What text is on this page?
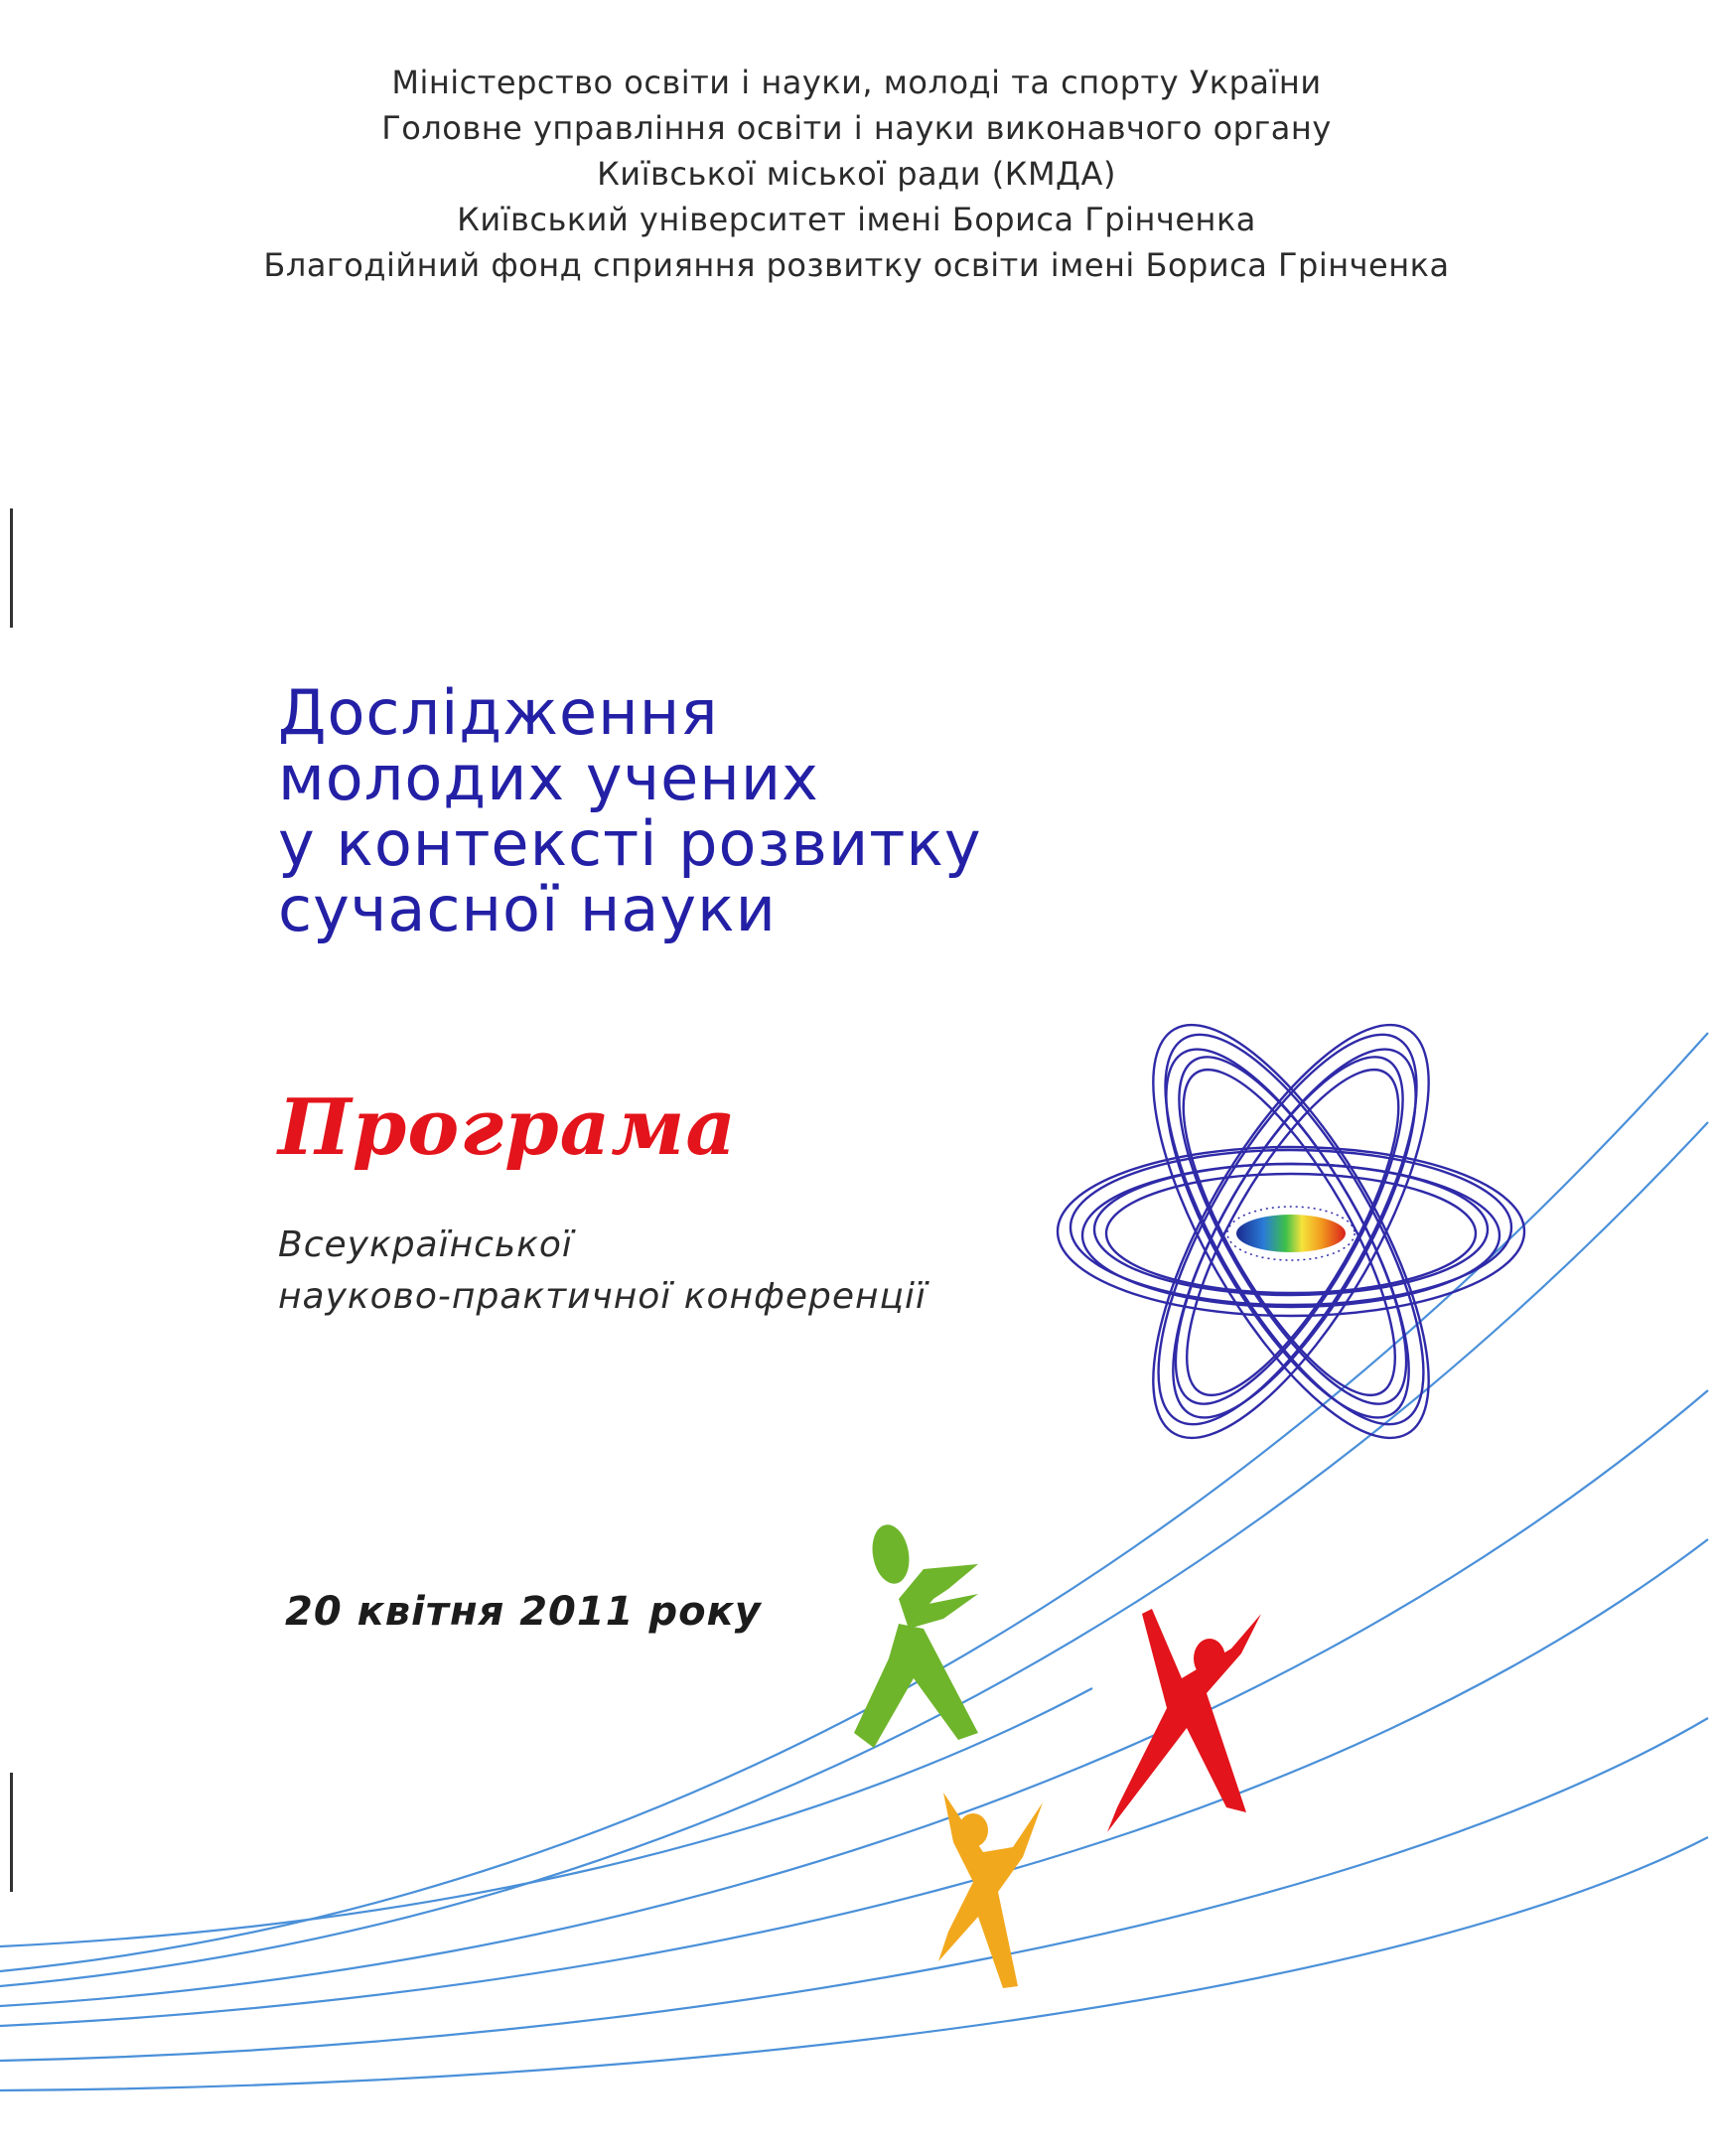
Міністерство освіти і науки, молоді та спорту України
Головне управління освіти і науки виконавчого органу
Київської міської ради (КМДА)
Київський університет імені Бориса Грінченка
Благодійний фонд сприяння розвитку освіти імені Бориса Грінченка
Дослідження
молодих учених
у контексті розвитку
сучасної науки
Програма
Всеукраїнської
науково-практичної конференції
20 квітня 2011 року
